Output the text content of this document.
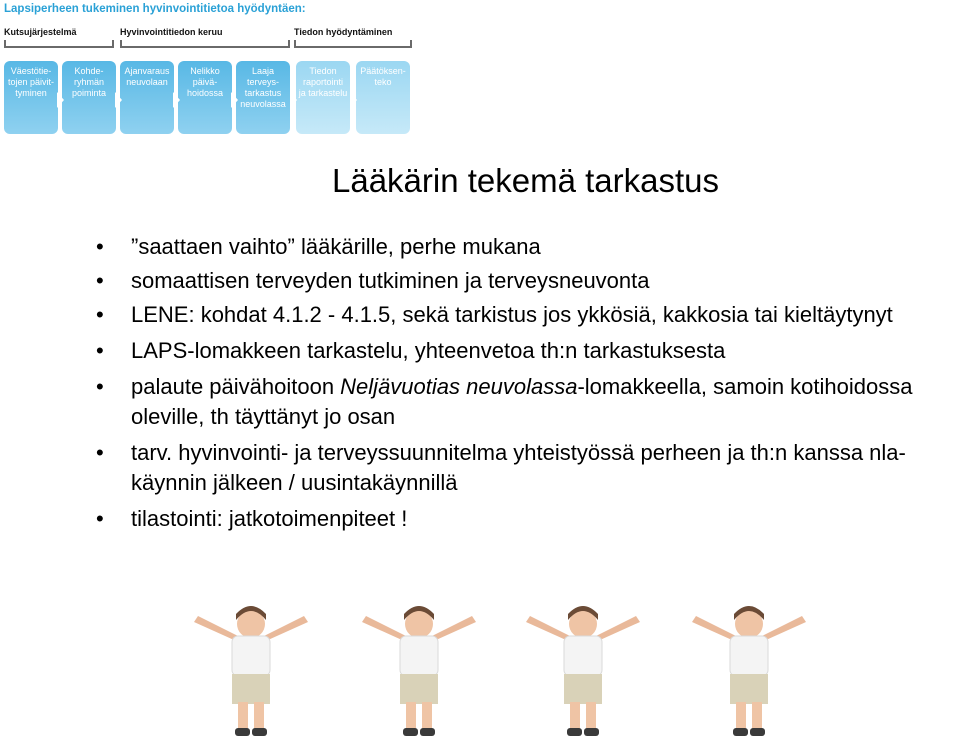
Lapsiperheen tukeminen hyvinvointitietoa hyödyntäen:
Kutsujärjestelmä	Hyvinvointitiedon keruu	Tiedon hyödyntäminen
Väestötie-
tojen päivit-
tyminen
Kohde-
ryhmän
poiminta
Ajanvaraus
neuvolaan
Nelikko
päivä-
hoidossa
Laaja
terveys-
tarkastus
neuvolassa
Tiedon
raportointi
ja tarkastelu
Päätöksen-
teko
Lääkärin tekemä tarkastus
• ”saattaen vaihto” lääkärille, perhe mukana
• somaattisen terveyden tutkiminen ja terveysneuvonta
• LENE: kohdat 4.1.2 - 4.1.5, sekä tarkistus jos ykkösiä, kakkosia tai kieltäytynyt
• LAPS-lomakkeen tarkastelu, yhteenvetoa th:n tarkastuksesta
• palaute päivähoitoon Neljävuotias neuvolassa-lomakkeella, samoin kotihoidossa oleville, th täyttänyt jo osan
• tarv. hyvinvointi- ja terveyssuunnitelma yhteistyössä perheen ja th:n kanssa nla-käynnin jälkeen / uusintakäynnillä
• tilastointi: jatkotoimenpiteet !
